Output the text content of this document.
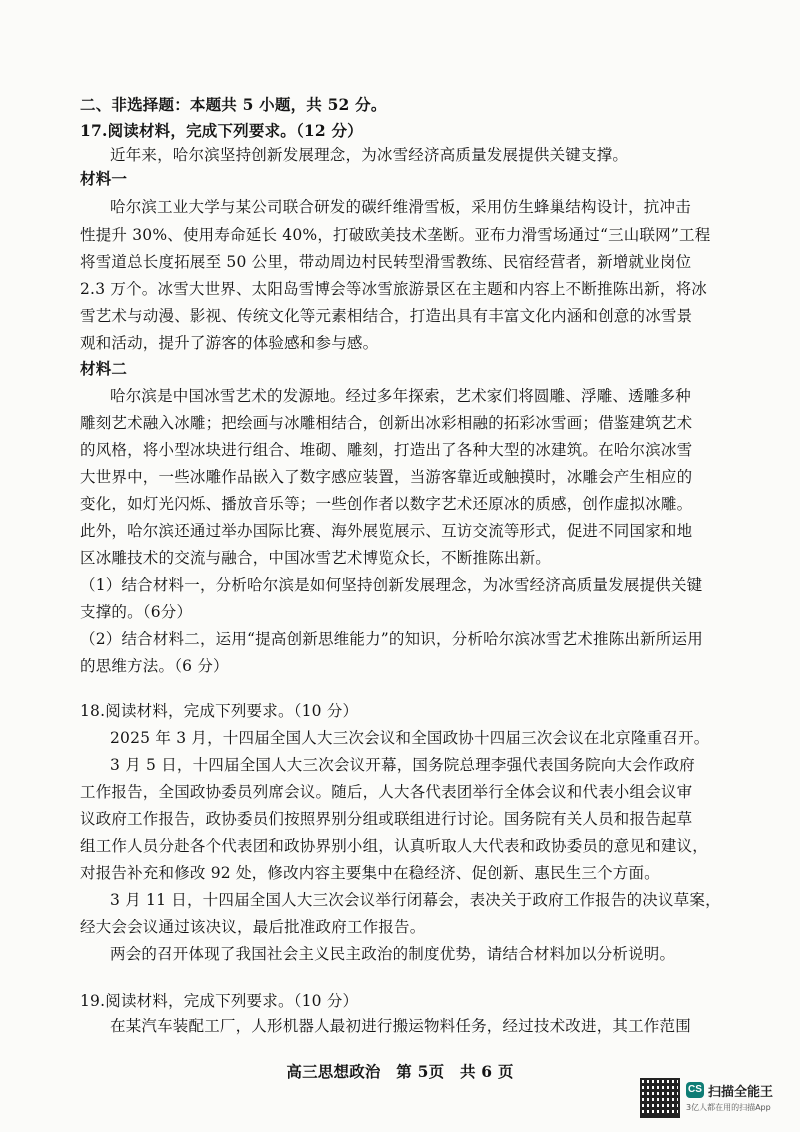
二、非选择题：本题共 5 小题，共 52 分。
17.阅读材料，完成下列要求。（12 分）
近年来，哈尔滨坚持创新发展理念，为冰雪经济高质量发展提供关键支撑。
材料一
哈尔滨工业大学与某公司联合研发的碳纤维滑雪板，采用仿生蜂巢结构设计，抗冲击
性提升 30%、使用寿命延长 40%，打破欧美技术垄断。亚布力滑雪场通过“三山联网”工程
将雪道总长度拓展至 50 公里，带动周边村民转型滑雪教练、民宿经营者，新增就业岗位
2.3 万个。冰雪大世界、太阳岛雪博会等冰雪旅游景区在主题和内容上不断推陈出新，将冰
雪艺术与动漫、影视、传统文化等元素相结合，打造出具有丰富文化内涵和创意的冰雪景
观和活动，提升了游客的体验感和参与感。
材料二
哈尔滨是中国冰雪艺术的发源地。经过多年探索，艺术家们将圆雕、浮雕、透雕多种
雕刻艺术融入冰雕；把绘画与冰雕相结合，创新出冰彩相融的拓彩冰雪画；借鉴建筑艺术
的风格，将小型冰块进行组合、堆砌、雕刻，打造出了各种大型的冰建筑。在哈尔滨冰雪
大世界中，一些冰雕作品嵌入了数字感应装置，当游客靠近或触摸时，冰雕会产生相应的
变化，如灯光闪烁、播放音乐等；一些创作者以数字艺术还原冰的质感，创作虚拟冰雕。
此外，哈尔滨还通过举办国际比赛、海外展览展示、互访交流等形式，促进不同国家和地
区冰雕技术的交流与融合，中国冰雪艺术博览众长，不断推陈出新。
（1）结合材料一，分析哈尔滨是如何坚持创新发展理念，为冰雪经济高质量发展提供关键
支撑的。（6分）
（2）结合材料二，运用“提高创新思维能力”的知识，分析哈尔滨冰雪艺术推陈出新所运用
的思维方法。（6 分）
18.阅读材料，完成下列要求。（10 分）
2025 年 3 月，十四届全国人大三次会议和全国政协十四届三次会议在北京隆重召开。
3 月 5 日，十四届全国人大三次会议开幕，国务院总理李强代表国务院向大会作政府
工作报告，全国政协委员列席会议。随后，人大各代表团举行全体会议和代表小组会议审
议政府工作报告，政协委员们按照界别分组或联组进行讨论。国务院有关人员和报告起草
组工作人员分赴各个代表团和政协界别小组，认真听取人大代表和政协委员的意见和建议，
对报告补充和修改 92 处，修改内容主要集中在稳经济、促创新、惠民生三个方面。
3 月 11 日，十四届全国人大三次会议举行闭幕会，表决关于政府工作报告的决议草案，
经大会会议通过该决议，最后批准政府工作报告。
两会的召开体现了我国社会主义民主政治的制度优势，请结合材料加以分析说明。
19.阅读材料，完成下列要求。（10 分）
在某汽车装配工厂，人形机器人最初进行搬运物料任务，经过技术改进，其工作范围
高三思想政治　第 5页　共 6 页
CS 扫描全能王
3亿人都在用的扫描App
